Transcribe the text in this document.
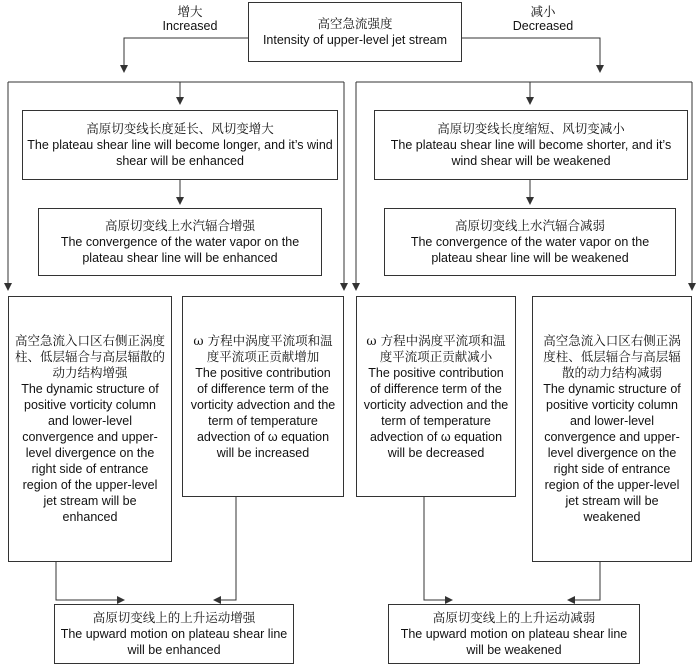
高空急流强度
Intensity of upper-level jet stream
增大
Increased
减小
Decreased
高原切变线长度延长、风切变增大
The plateau shear line will become longer, and it’s wind shear will be enhanced
高原切变线上水汽辐合增强
The convergence of the water vapor on the plateau shear line will be enhanced
高空急流入口区右侧正涡度柱、低层辐合与高层辐散的动力结构增强
The dynamic structure of positive vorticity column and lower-level convergence and upper-level divergence on the right side of entrance region of the upper-level jet stream will be enhanced
ω 方程中涡度平流项和温度平流项正贡献增加
The positive contribution of difference term of the vorticity advection and the term of temperature advection of ω equation will be increased
高原切变线长度缩短、风切变减小
The plateau shear line will become shorter, and it’s wind shear will be weakened
高原切变线上水汽辐合减弱
The convergence of the water vapor on the plateau shear line will be weakened
ω 方程中涡度平流项和温度平流项正贡献减小
The positive contribution of difference term of the vorticity advection and the term of temperature advection of ω equation will be decreased
高空急流入口区右侧正涡度柱、低层辐合与高层辐散的动力结构减弱
The dynamic structure of positive vorticity column and lower-level convergence and upper-level divergence on the right side of entrance region of the upper-level jet stream will be weakened
高原切变线上的上升运动增强
The upward motion on plateau shear line will be enhanced
高原切变线上的上升运动减弱
The upward motion on plateau shear line will be weakened
